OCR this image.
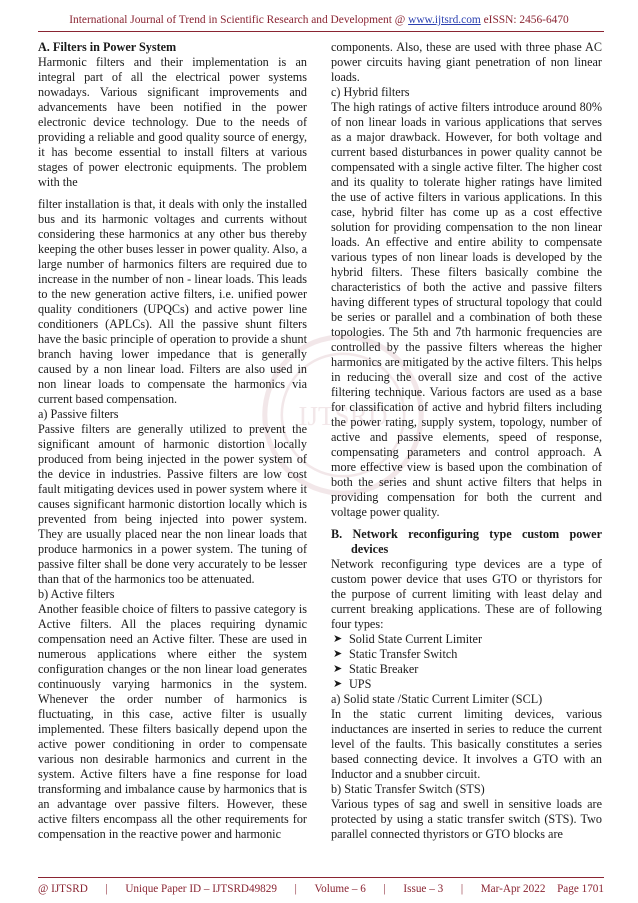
International Journal of Trend in Scientific Research and Development @ www.ijtsrd.com eISSN: 2456-6470
IJTSRD

A. Filters in Power System

Harmonic filters and their implementation is an integral part of all the electrical power systems nowadays. Various significant improvements and advancements have been notified in the power electronic device technology. Due to the needs of providing a reliable and good quality source of energy, it has become essential to install filters at various stages of power electronic equipments. The problem with the

filter installation is that, it deals with only the installed bus and its harmonic voltages and currents without considering these harmonics at any other bus thereby keeping the other buses lesser in power quality. Also, a large number of harmonics filters are required due to increase in the number of non - linear loads. This leads to the new generation active filters, i.e. unified power quality conditioners (UPQCs) and active power line conditioners (APLCs). All the passive shunt filters have the basic principle of operation to provide a shunt branch having lower impedance that is generally caused by a non linear load. Filters are also used in non linear loads to compensate the harmonics via current based compensation.

a) Passive filters

Passive filters are generally utilized to prevent the significant amount of harmonic distortion locally produced from being injected in the power system of the device in industries. Passive filters are low cost fault mitigating devices used in power system where it causes significant harmonic distortion locally which is prevented from being injected into power system. They are usually placed near the non linear loads that produce harmonics in a power system. The tuning of passive filter shall be done very accurately to be lesser than that of the harmonics too be attenuated.

b) Active filters

Another feasible choice of filters to passive category is Active filters. All the places requiring dynamic compensation need an Active filter. These are used in numerous applications where either the system configuration changes or the non linear load generates continuously varying harmonics in the system. Whenever the order number of harmonics is fluctuating, in this case, active filter is usually implemented. These filters basically depend upon the active power conditioning in order to compensate various non desirable harmonics and current in the system. Active filters have a fine response for load transforming and imbalance cause by harmonics that is an advantage over passive filters. However, these active filters encompass all the other requirements for compensation in the reactive power and harmonic

components. Also, these are used with three phase AC power circuits having giant penetration of non linear loads.

c) Hybrid filters

The high ratings of active filters introduce around 80% of non linear loads in various applications that serves as a major drawback. However, for both voltage and current based disturbances in power quality cannot be compensated with a single active filter. The higher cost and its quality to tolerate higher ratings have limited the use of active filters in various applications. In this case, hybrid filter has come up as a cost effective solution for providing compensation to the non linear loads. An effective and entire ability to compensate various types of non linear loads is developed by the hybrid filters. These filters basically combine the characteristics of both the active and passive filters having different types of structural topology that could be series or parallel and a combination of both these topologies. The 5th and 7th harmonic frequencies are controlled by the passive filters whereas the higher harmonics are mitigated by the active filters. This helps in reducing the overall size and cost of the active filtering technique. Various factors are used as a base for classification of active and hybrid filters including the power rating, supply system, topology, number of active and passive elements, speed of response, compensating parameters and control approach. A more effective view is based upon the combination of both the series and shunt active filters that helps in providing compensation for both the current and voltage power quality.

B. Network reconfiguring type custom power devices

Network reconfiguring type devices are a type of custom power device that uses GTO or thyristors for the purpose of current limiting with least delay and current breaking applications. These are of following four types:

➤ Solid State Current Limiter
➤ Static Transfer Switch
➤ Static Breaker
➤ UPS

a) Solid state /Static Current Limiter (SCL)

In the static current limiting devices, various inductances are inserted in series to reduce the current level of the faults. This basically constitutes a series based connecting device. It involves a GTO with an Inductor and a snubber circuit.

b) Static Transfer Switch (STS)

Various types of sag and swell in sensitive loads are protected by using a static transfer switch (STS). Two parallel connected thyristors or GTO blocks are

@ IJTSRD	|	Unique Paper ID – IJTSRD49829	|	Volume – 6	|	Issue – 3	|	Mar-Apr 2022 Page 1701
